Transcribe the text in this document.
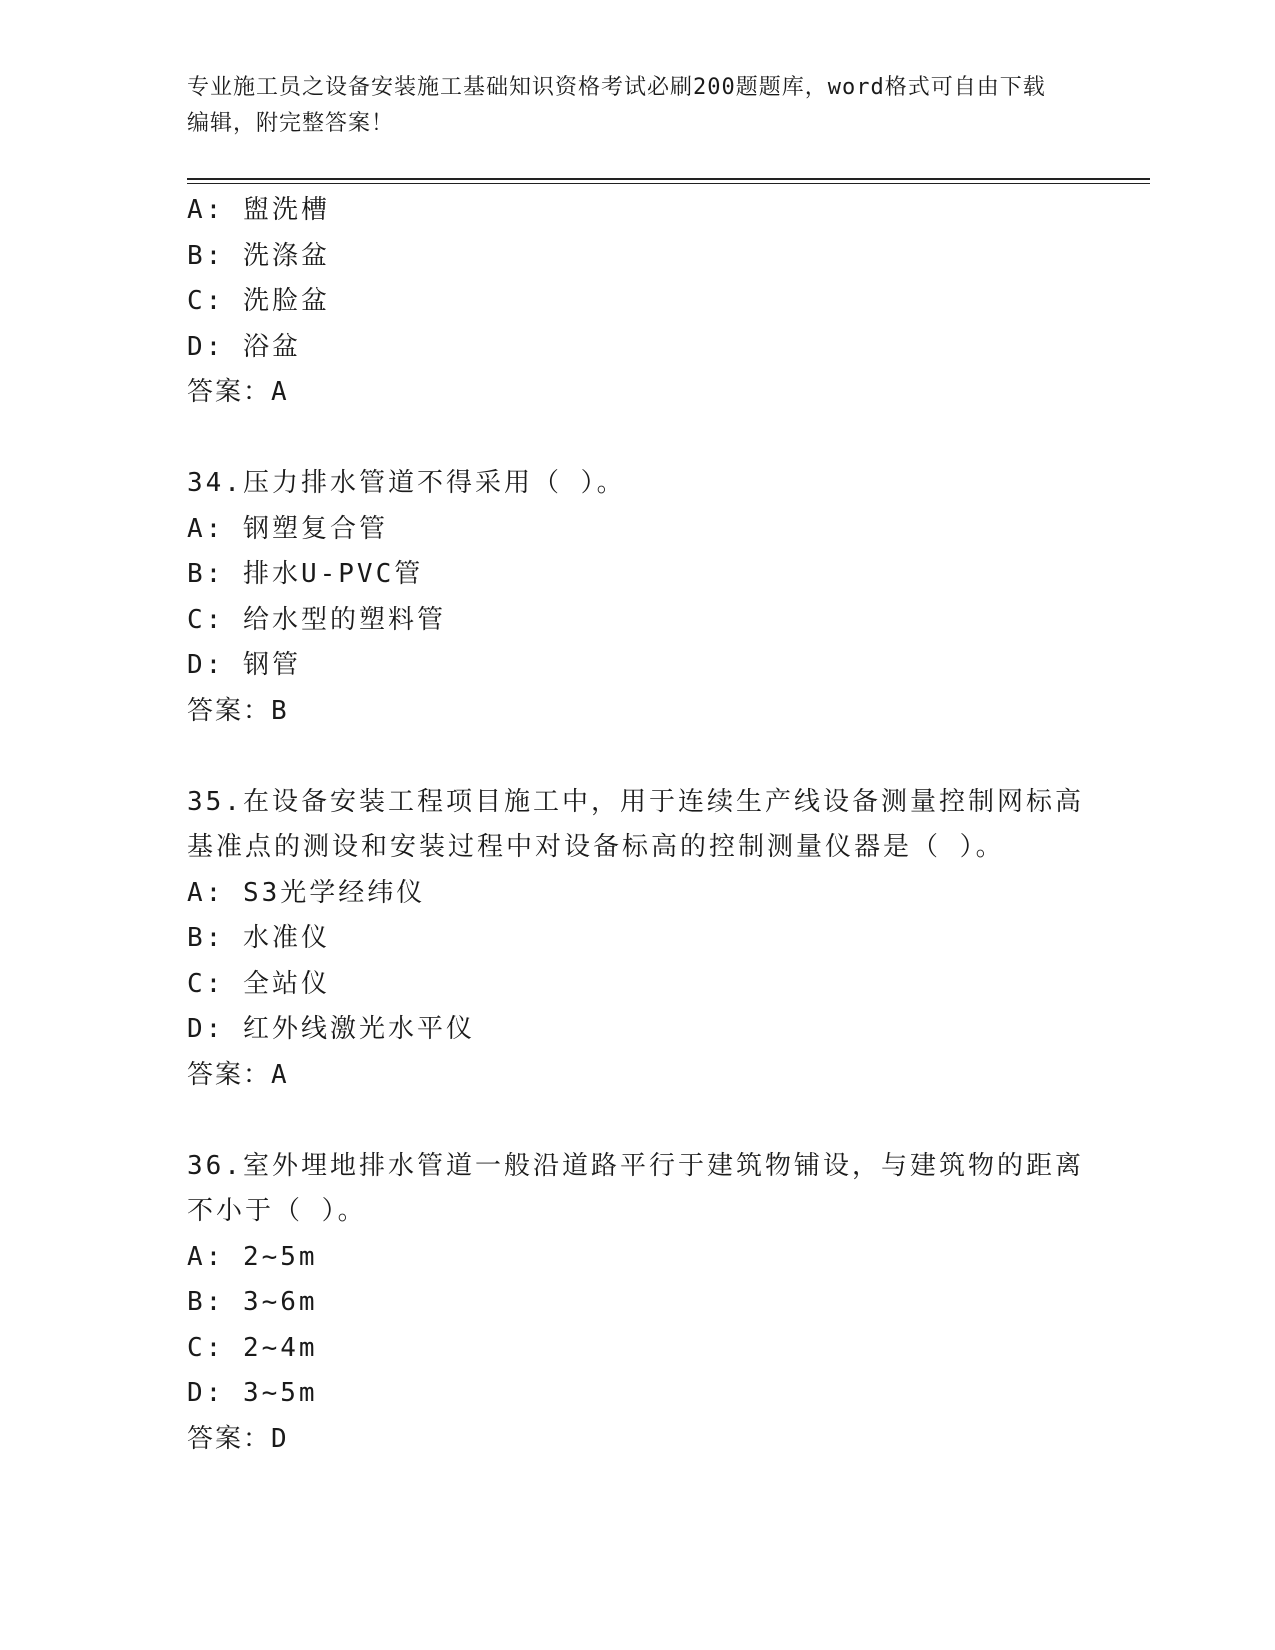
专业施工员之设备安装施工基础知识资格考试必刷200题题库，word格式可自由下载编辑，附完整答案！
A: 盥洗槽
B: 洗涤盆
C: 洗脸盆
D: 浴盆
答案：A
34.压力排水管道不得采用（ ）。
A: 钢塑复合管
B: 排水U-PVC管
C: 给水型的塑料管
D: 钢管
答案：B
35.在设备安装工程项目施工中，用于连续生产线设备测量控制网标高基准点的测设和安装过程中对设备标高的控制测量仪器是（ ）。
A: S3光学经纬仪
B: 水准仪
C: 全站仪
D: 红外线激光水平仪
答案：A
36.室外埋地排水管道一般沿道路平行于建筑物铺设，与建筑物的距离不小于（ ）。
A: 2~5m
B: 3~6m
C: 2~4m
D: 3~5m
答案：D
